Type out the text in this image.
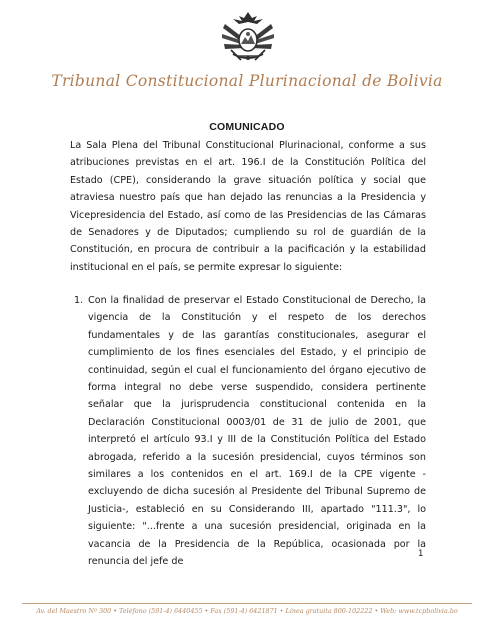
Tribunal Constitucional Plurinacional de Bolivia
COMUNICADO

La Sala Plena del Tribunal Constitucional Plurinacional, conforme a sus atribuciones previstas en el art. 196.I de la Constitución Política del Estado (CPE), considerando la grave situación política y social que atraviesa nuestro país que han dejado las renuncias a la Presidencia y Vicepresidencia del Estado, así como de las Presidencias de las Cámaras de Senadores y de Diputados; cumpliendo su rol de guardián de la Constitución, en procura de contribuir a la pacificación y la estabilidad institucional en el país, se permite expresar lo siguiente:

1. Con la finalidad de preservar el Estado Constitucional de Derecho, la vigencia de la Constitución y el respeto de los derechos fundamentales y de las garantías constitucionales, asegurar el cumplimiento de los fines esenciales del Estado, y el principio de continuidad, según el cual el funcionamiento del órgano ejecutivo de forma integral no debe verse suspendido, considera pertinente señalar que la jurisprudencia constitucional contenida en la Declaración Constitucional 0003/01 de 31 de julio de 2001, que interpretó el artículo 93.I y III de la Constitución Política del Estado abrogada, referido a la sucesión presidencial, cuyos términos son similares a los contenidos en el art. 169.I de la CPE vigente -excluyendo de dicha sucesión al Presidente del Tribunal Supremo de Justicia-, estableció en su Considerando III, apartado "111.3", lo siguiente: "...frente a una sucesión presidencial, originada en la vacancia de la Presidencia de la República, ocasionada por la renuncia del jefe de
1
Av. del Maestro Nº 300 • Teléfono (591-4) 6440455 • Fax (591-4) 6421871 • Línea gratuita 800-102222 • Web: www.tcpbolivia.bo
